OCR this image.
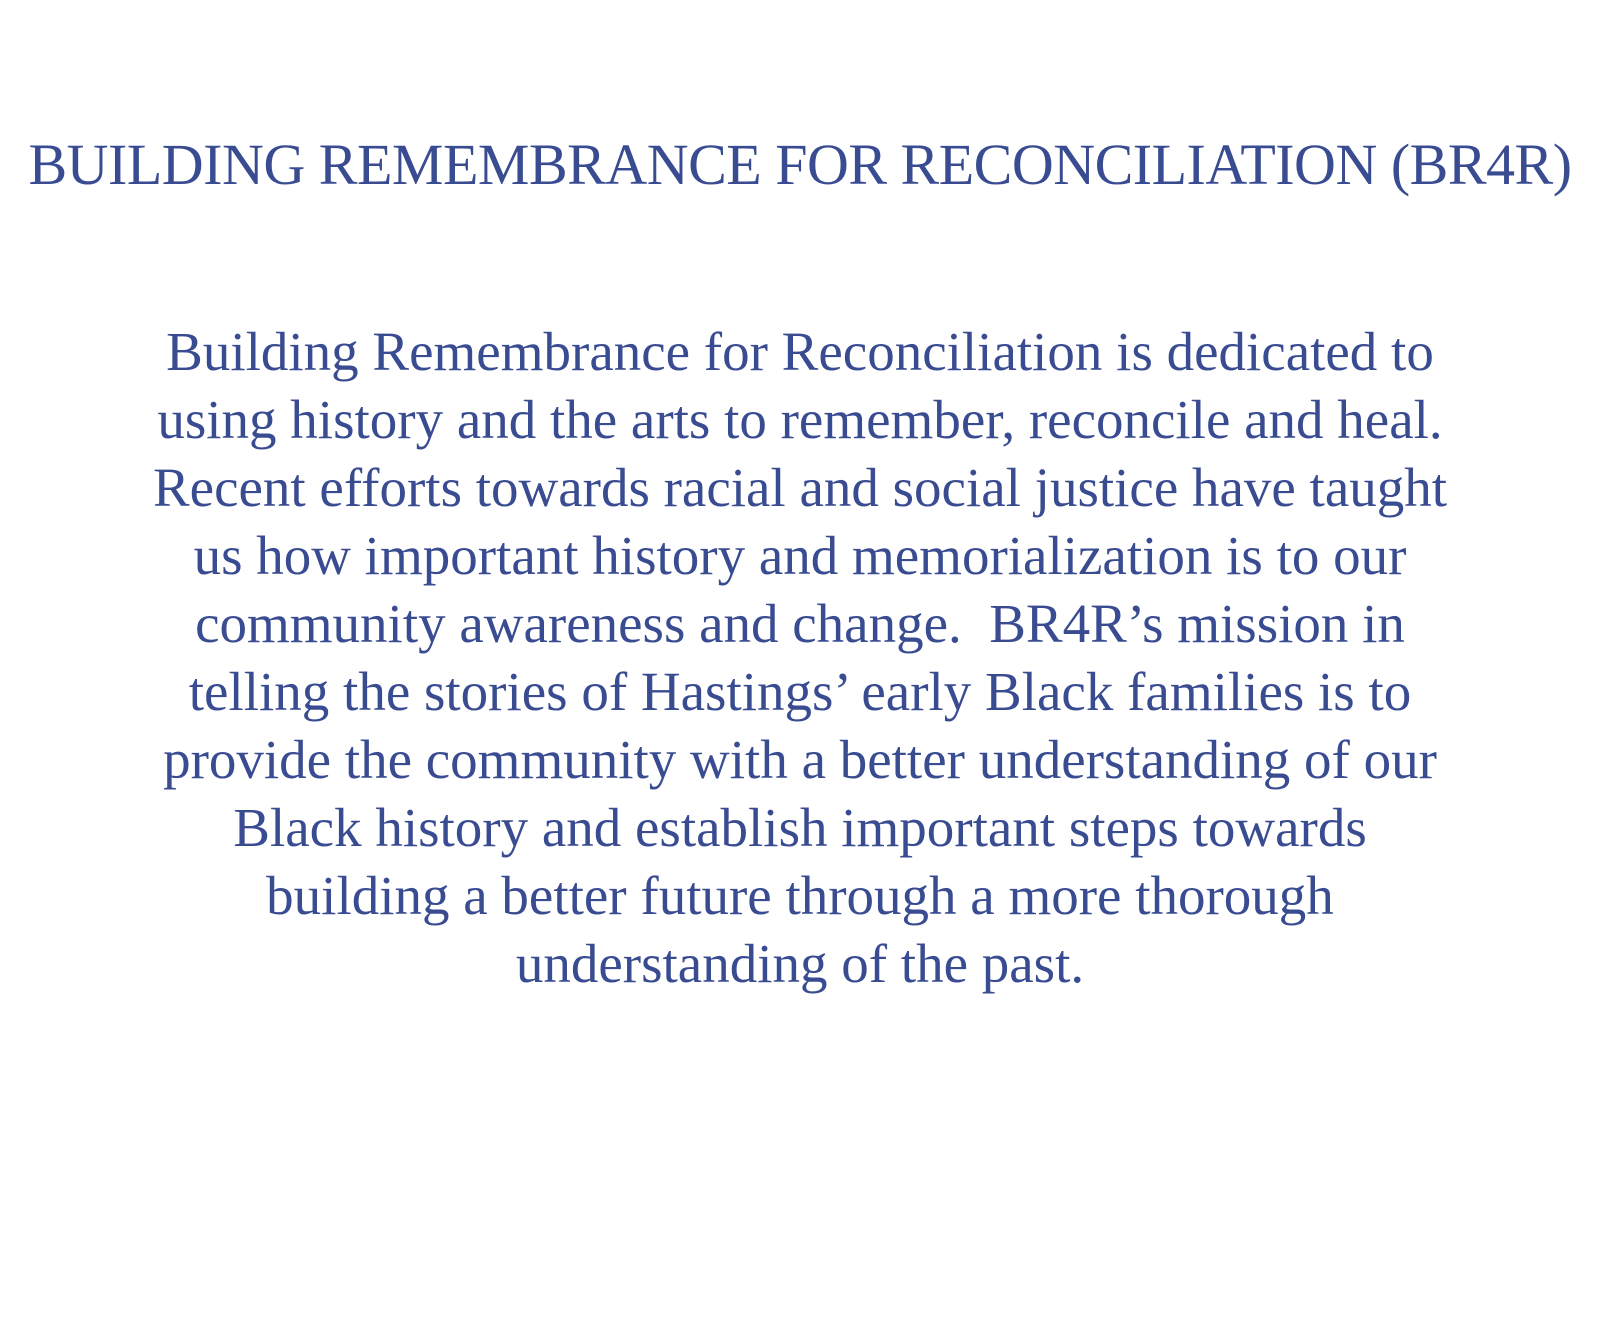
BUILDING REMEMBRANCE FOR RECONCILIATION (BR4R)
Building Remembrance for Reconciliation is dedicated to
using history and the arts to remember, reconcile and heal.
Recent efforts towards racial and social justice have taught
us how important history and memorialization is to our
community awareness and change.  BR4R’s mission in
telling the stories of Hastings’ early Black families is to
provide the community with a better understanding of our
Black history and establish important steps towards
building a better future through a more thorough
understanding of the past.
